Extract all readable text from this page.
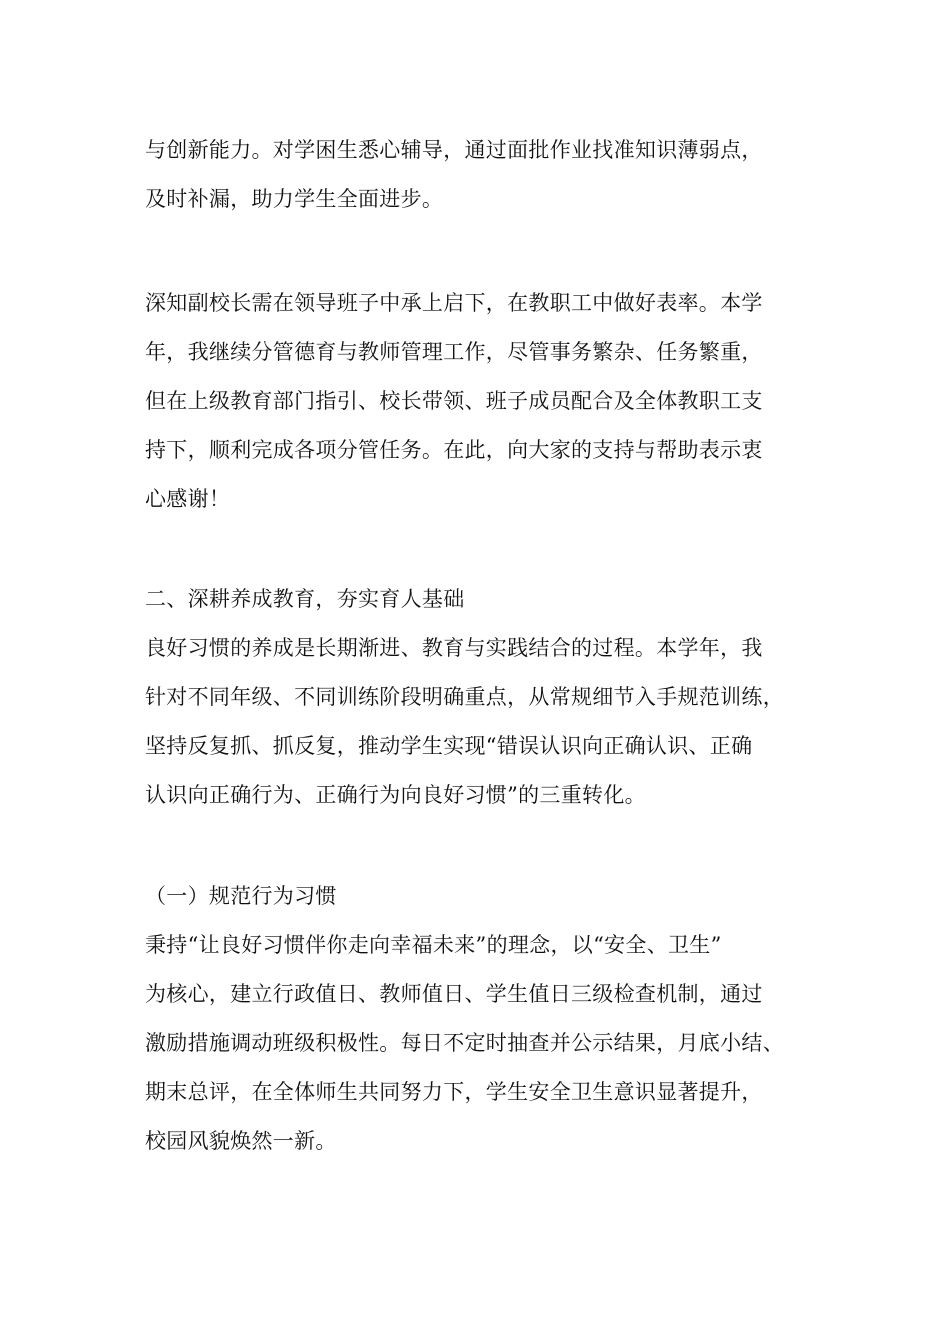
与创新能力。对学困生悉心辅导，通过面批作业找准知识薄弱点，

及时补漏，助力学生全面进步。

深知副校长需在领导班子中承上启下，在教职工中做好表率。本学

年，我继续分管德育与教师管理工作，尽管事务繁杂、任务繁重，

但在上级教育部门指引、校长带领、班子成员配合及全体教职工支

持下，顺利完成各项分管任务。在此，向大家的支持与帮助表示衷

心感谢！

二、深耕养成教育，夯实育人基础

良好习惯的养成是长期渐进、教育与实践结合的过程。本学年，我

针对不同年级、不同训练阶段明确重点，从常规细节入手规范训练，

坚持反复抓、抓反复，推动学生实现“错误认识向正确认识、正确

认识向正确行为、正确行为向良好习惯”的三重转化。

（一）规范行为习惯

秉持“让良好习惯伴你走向幸福未来”的理念，以“安全、卫生”

为核心，建立行政值日、教师值日、学生值日三级检查机制，通过

激励措施调动班级积极性。每日不定时抽查并公示结果，月底小结、

期末总评，在全体师生共同努力下，学生安全卫生意识显著提升，

校园风貌焕然一新。
